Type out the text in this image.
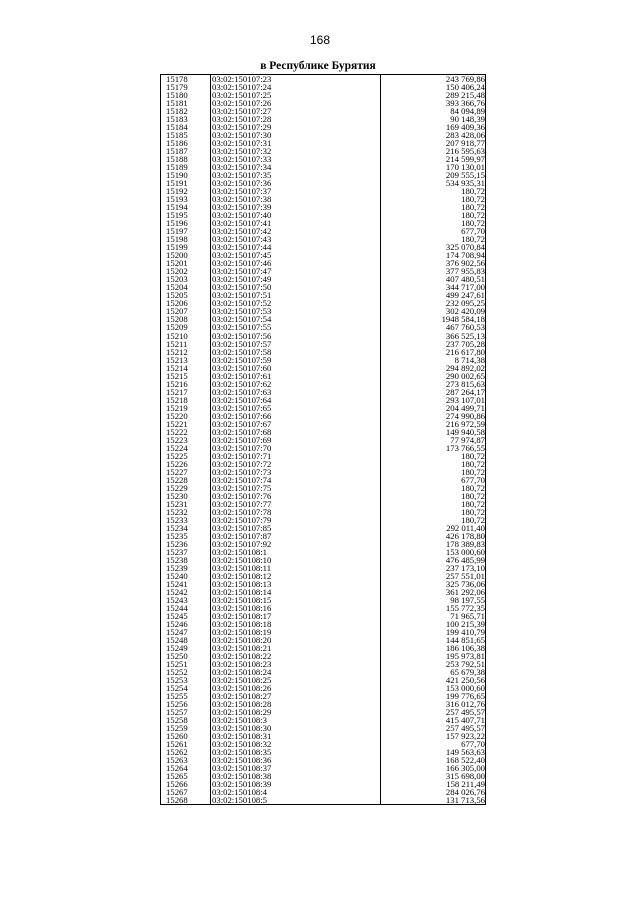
168
в Республике Бурятия
15178	03:02:150107:23	243 769,86
15179	03:02:150107:24	150 406,24
15180	03:02:150107:25	289 215,48
15181	03:02:150107:26	393 366,76
15182	03:02:150107:27	84 094,89
15183	03:02:150107:28	90 148,39
15184	03:02:150107:29	169 409,36
15185	03:02:150107:30	283 428,06
15186	03:02:150107:31	207 918,77
15187	03:02:150107:32	216 595,63
15188	03:02:150107:33	214 599,97
15189	03:02:150107:34	170 130,01
15190	03:02:150107:35	209 555,15
15191	03:02:150107:36	534 935,31
15192	03:02:150107:37	180,72
15193	03:02:150107:38	180,72
15194	03:02:150107:39	180,72
15195	03:02:150107:40	180,72
15196	03:02:150107:41	180,72
15197	03:02:150107:42	677,70
15198	03:02:150107:43	180,72
15199	03:02:150107:44	325 070,84
15200	03:02:150107:45	174 708,94
15201	03:02:150107:46	376 902,56
15202	03:02:150107:47	377 955,83
15203	03:02:150107:49	407 480,51
15204	03:02:150107:50	344 717,00
15205	03:02:150107:51	499 247,61
15206	03:02:150107:52	232 095,25
15207	03:02:150107:53	302 420,09
15208	03:02:150107:54	1948 584,18
15209	03:02:150107:55	467 760,53
15210	03:02:150107:56	366 525,13
15211	03:02:150107:57	237 705,28
15212	03:02:150107:58	216 617,80
15213	03:02:150107:59	8 714,38
15214	03:02:150107:60	294 892,02
15215	03:02:150107:61	290 002,65
15216	03:02:150107:62	273 815,63
15217	03:02:150107:63	287 264,17
15218	03:02:150107:64	293 107,01
15219	03:02:150107:65	204 499,71
15220	03:02:150107:66	274 990,86
15221	03:02:150107:67	216 972,59
15222	03:02:150107:68	149 940,58
15223	03:02:150107:69	77 974,87
15224	03:02:150107:70	173 766,55
15225	03:02:150107:71	180,72
15226	03:02:150107:72	180,72
15227	03:02:150107:73	180,72
15228	03:02:150107:74	677,70
15229	03:02:150107:75	180,72
15230	03:02:150107:76	180,72
15231	03:02:150107:77	180,72
15232	03:02:150107:78	180,72
15233	03:02:150107:79	180,72
15234	03:02:150107:85	292 011,40
15235	03:02:150107:87	426 178,80
15236	03:02:150107:92	178 389,83
15237	03:02:150108:1	153 000,60
15238	03:02:150108:10	476 485,99
15239	03:02:150108:11	237 173,10
15240	03:02:150108:12	257 551,01
15241	03:02:150108:13	325 736,06
15242	03:02:150108:14	361 292,06
15243	03:02:150108:15	98 197,55
15244	03:02:150108:16	155 772,35
15245	03:02:150108:17	71 965,71
15246	03:02:150108:18	100 215,39
15247	03:02:150108:19	199 410,79
15248	03:02:150108:20	144 851,65
15249	03:02:150108:21	186 106,38
15250	03:02:150108:22	195 973,81
15251	03:02:150108:23	253 792,51
15252	03:02:150108:24	65 679,38
15253	03:02:150108:25	421 250,56
15254	03:02:150108:26	153 000,60
15255	03:02:150108:27	199 776,65
15256	03:02:150108:28	316 012,76
15257	03:02:150108:29	257 495,57
15258	03:02:150108:3	415 407,71
15259	03:02:150108:30	257 495,57
15260	03:02:150108:31	157 923,22
15261	03:02:150108:32	677,70
15262	03:02:150108:35	149 563,63
15263	03:02:150108:36	168 522,40
15264	03:02:150108:37	166 305,00
15265	03:02:150108:38	315 698,00
15266	03:02:150108:39	158 211,49
15267	03:02:150108:4	284 026,76
15268	03:02:150108:5	131 713,56
